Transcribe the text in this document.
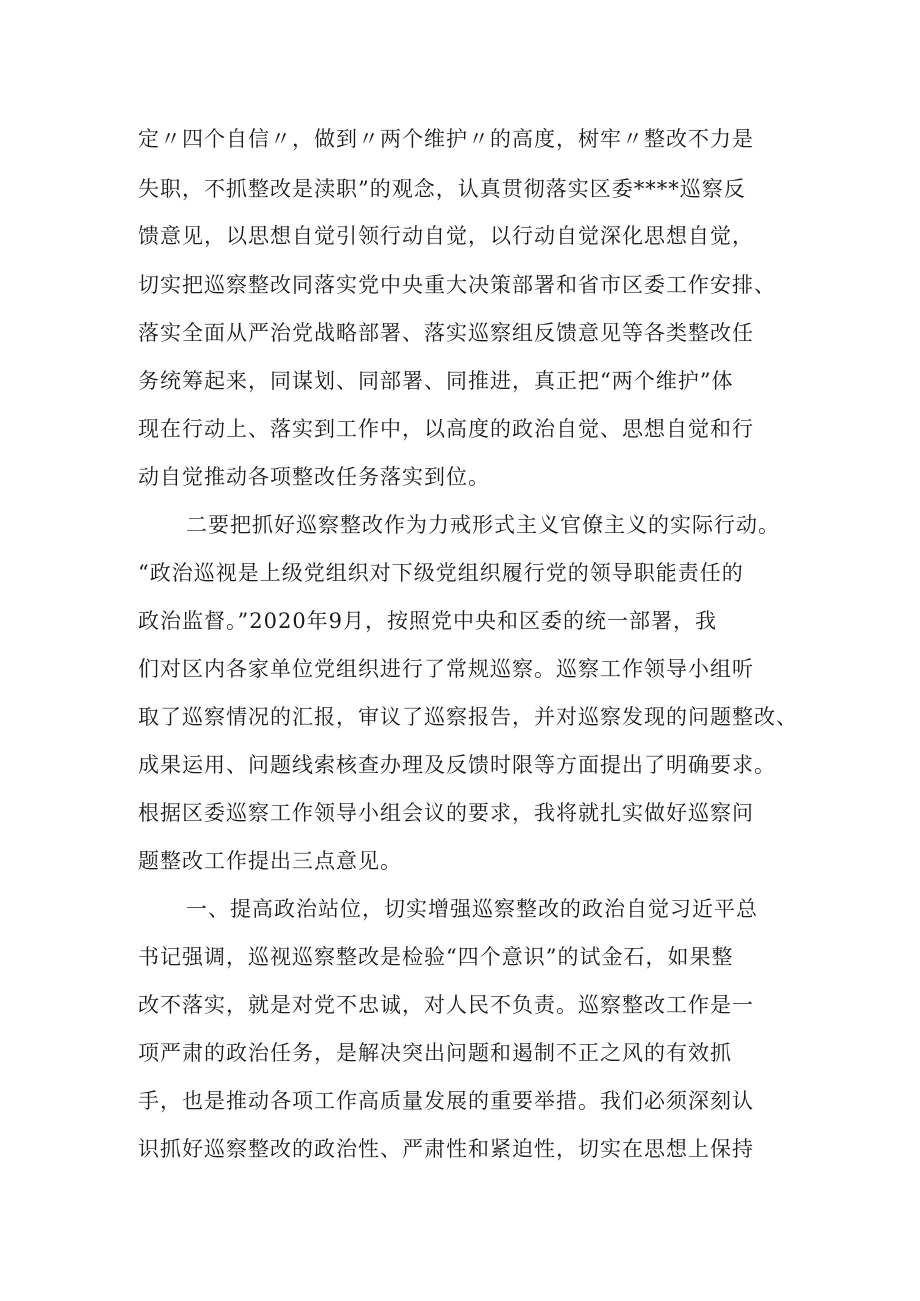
定〃四个自信〃，做到〃两个维护〃的高度，树牢〃整改不力是
失职，不抓整改是渎职”的观念，认真贯彻落实区委****巡察反
馈意见，以思想自觉引领行动自觉，以行动自觉深化思想自觉，
切实把巡察整改同落实党中央重大决策部署和省市区委工作安排、
落实全面从严治党战略部署、落实巡察组反馈意见等各类整改任
务统筹起来，同谋划、同部署、同推进，真正把“两个维护”体
现在行动上、落实到工作中，以高度的政治自觉、思想自觉和行
动自觉推动各项整改任务落实到位。
二要把抓好巡察整改作为力戒形式主义官僚主义的实际行动。
“政治巡视是上级党组织对下级党组织履行党的领导职能责任的
政治监督。”2020年9月，按照党中央和区委的统一部署，我
们对区内各家单位党组织进行了常规巡察。巡察工作领导小组听
取了巡察情况的汇报，审议了巡察报告，并对巡察发现的问题整改、
成果运用、问题线索核查办理及反馈时限等方面提出了明确要求。
根据区委巡察工作领导小组会议的要求，我将就扎实做好巡察问
题整改工作提出三点意见。
一、提高政治站位，切实增强巡察整改的政治自觉习近平总
书记强调，巡视巡察整改是检验“四个意识”的试金石，如果整
改不落实，就是对党不忠诚，对人民不负责。巡察整改工作是一
项严肃的政治任务，是解决突出问题和遏制不正之风的有效抓
手，也是推动各项工作高质量发展的重要举措。我们必须深刻认
识抓好巡察整改的政治性、严肃性和紧迫性，切实在思想上保持
